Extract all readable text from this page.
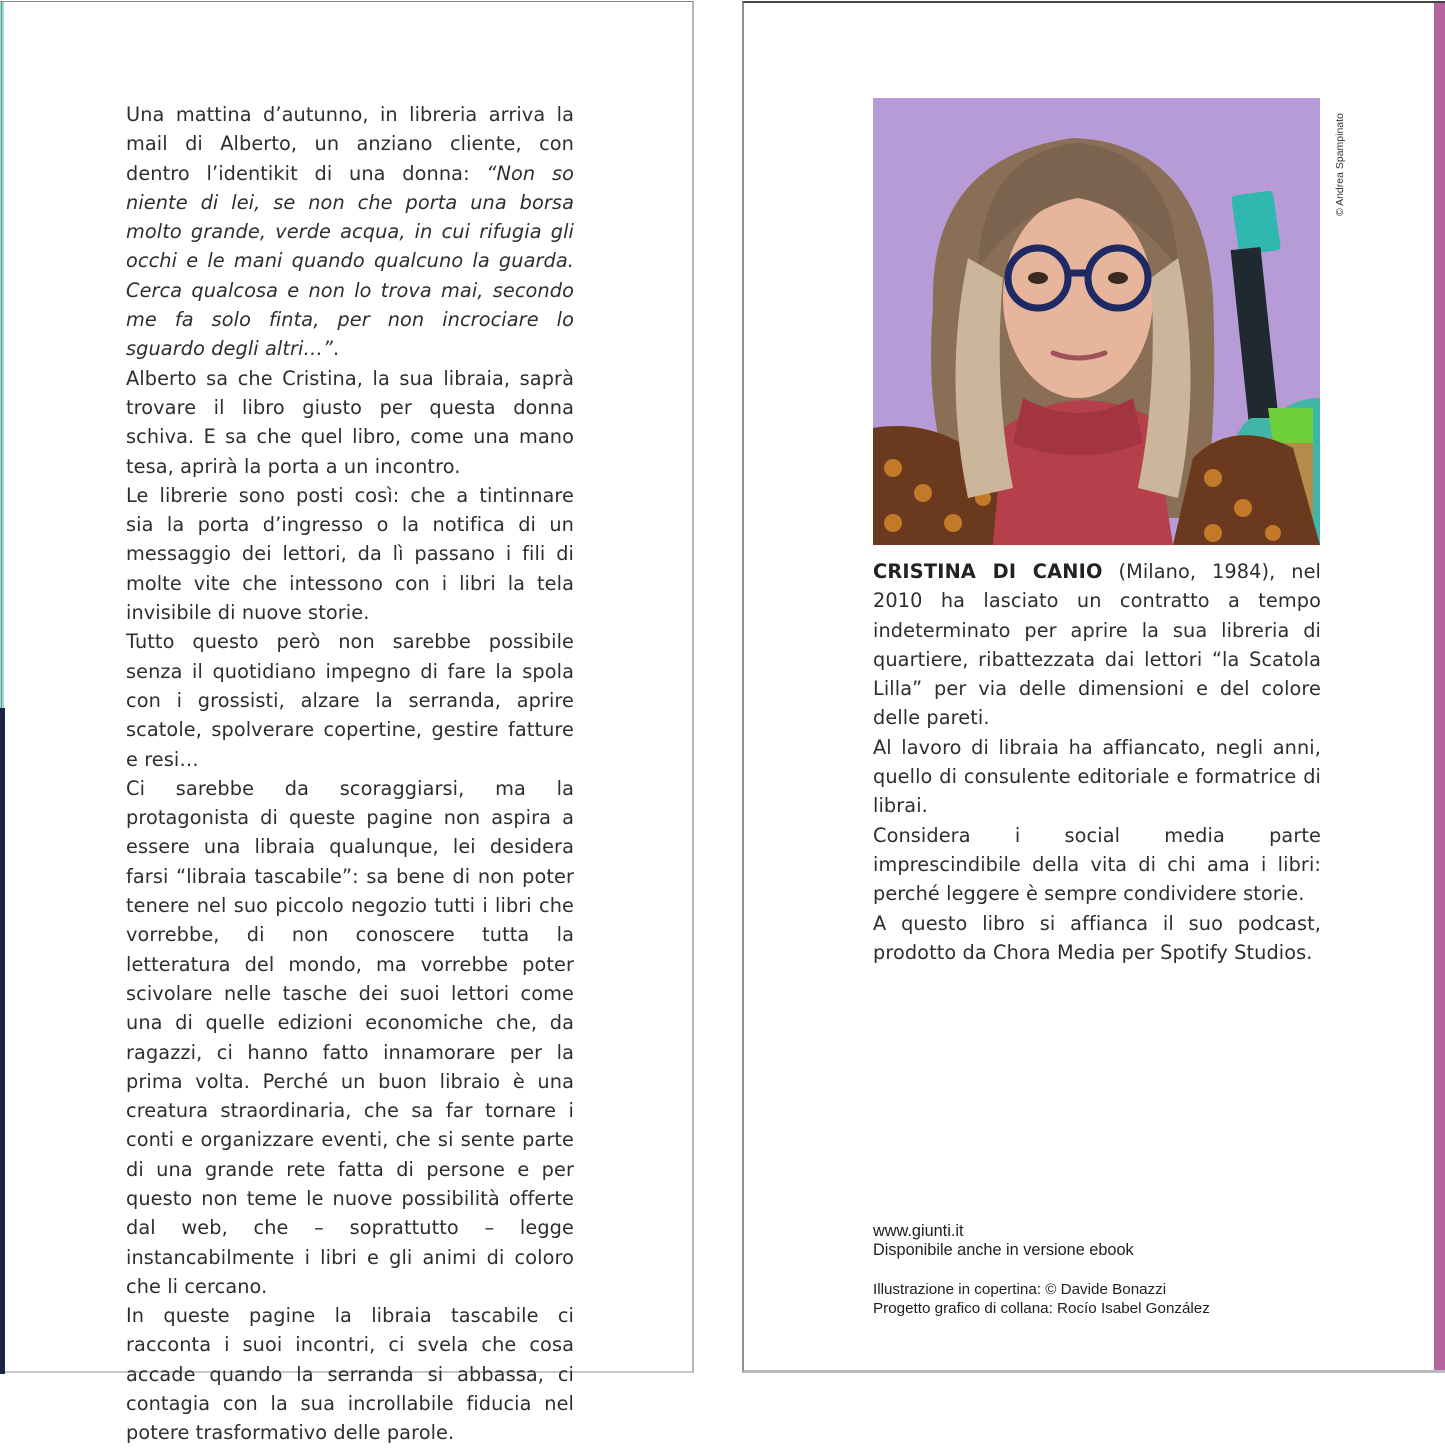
Una mattina d’autunno, in libreria arriva la mail di Alberto, un anziano cliente, con dentro l’identikit di una donna: “Non so niente di lei, se non che porta una borsa molto grande, verde acqua, in cui rifugia gli occhi e le mani quando qualcuno la guarda. Cerca qualcosa e non lo trova mai, secondo me fa solo finta, per non incrociare lo sguardo degli altri…”.

Alberto sa che Cristina, la sua libraia, saprà trovare il libro giusto per questa donna schiva. E sa che quel libro, come una mano tesa, aprirà la porta a un incontro.

Le librerie sono posti così: che a tintinnare sia la porta d’ingresso o la notifica di un messaggio dei lettori, da lì passano i fili di molte vite che intessono con i libri la tela invisibile di nuove storie.

Tutto questo però non sarebbe possibile senza il quotidiano impegno di fare la spola con i grossisti, alzare la serranda, aprire scatole, spolverare copertine, gestire fatture e resi…

Ci sarebbe da scoraggiarsi, ma la protagonista di queste pagine non aspira a essere una libraia qualunque, lei desidera farsi “libraia tascabile”: sa bene di non poter tenere nel suo piccolo negozio tutti i libri che vorrebbe, di non conoscere tutta la letteratura del mondo, ma vorrebbe poter scivolare nelle tasche dei suoi lettori come una di quelle edizioni economiche che, da ragazzi, ci hanno fatto innamorare per la prima volta. Perché un buon libraio è una creatura straordinaria, che sa far tornare i conti e organizzare eventi, che si sente parte di una grande rete fatta di persone e per questo non teme le nuove possibilità offerte dal web, che – soprattutto – legge instancabilmente i libri e gli animi di coloro che li cercano.

In queste pagine la libraia tascabile ci racconta i suoi incontri, ci svela che cosa accade quando la serranda si abbassa, ci contagia con la sua incrollabile fiducia nel potere trasformativo delle parole.

© Andrea Spampinato

CRISTINA DI CANIO (Milano, 1984), nel 2010 ha lasciato un contratto a tempo indeterminato per aprire la sua libreria di quartiere, ribattezzata dai lettori “la Scatola Lilla” per via delle dimensioni e del colore delle pareti.

Al lavoro di libraia ha affiancato, negli anni, quello di consulente editoriale e formatrice di librai.

Considera i social media parte imprescindibile della vita di chi ama i libri: perché leggere è sempre condividere storie.

A questo libro si affianca il suo podcast, prodotto da Chora Media per Spotify Studios.

www.giunti.it
Disponibile anche in versione ebook
Illustrazione in copertina: © Davide Bonazzi
Progetto grafico di collana: Rocío Isabel González
